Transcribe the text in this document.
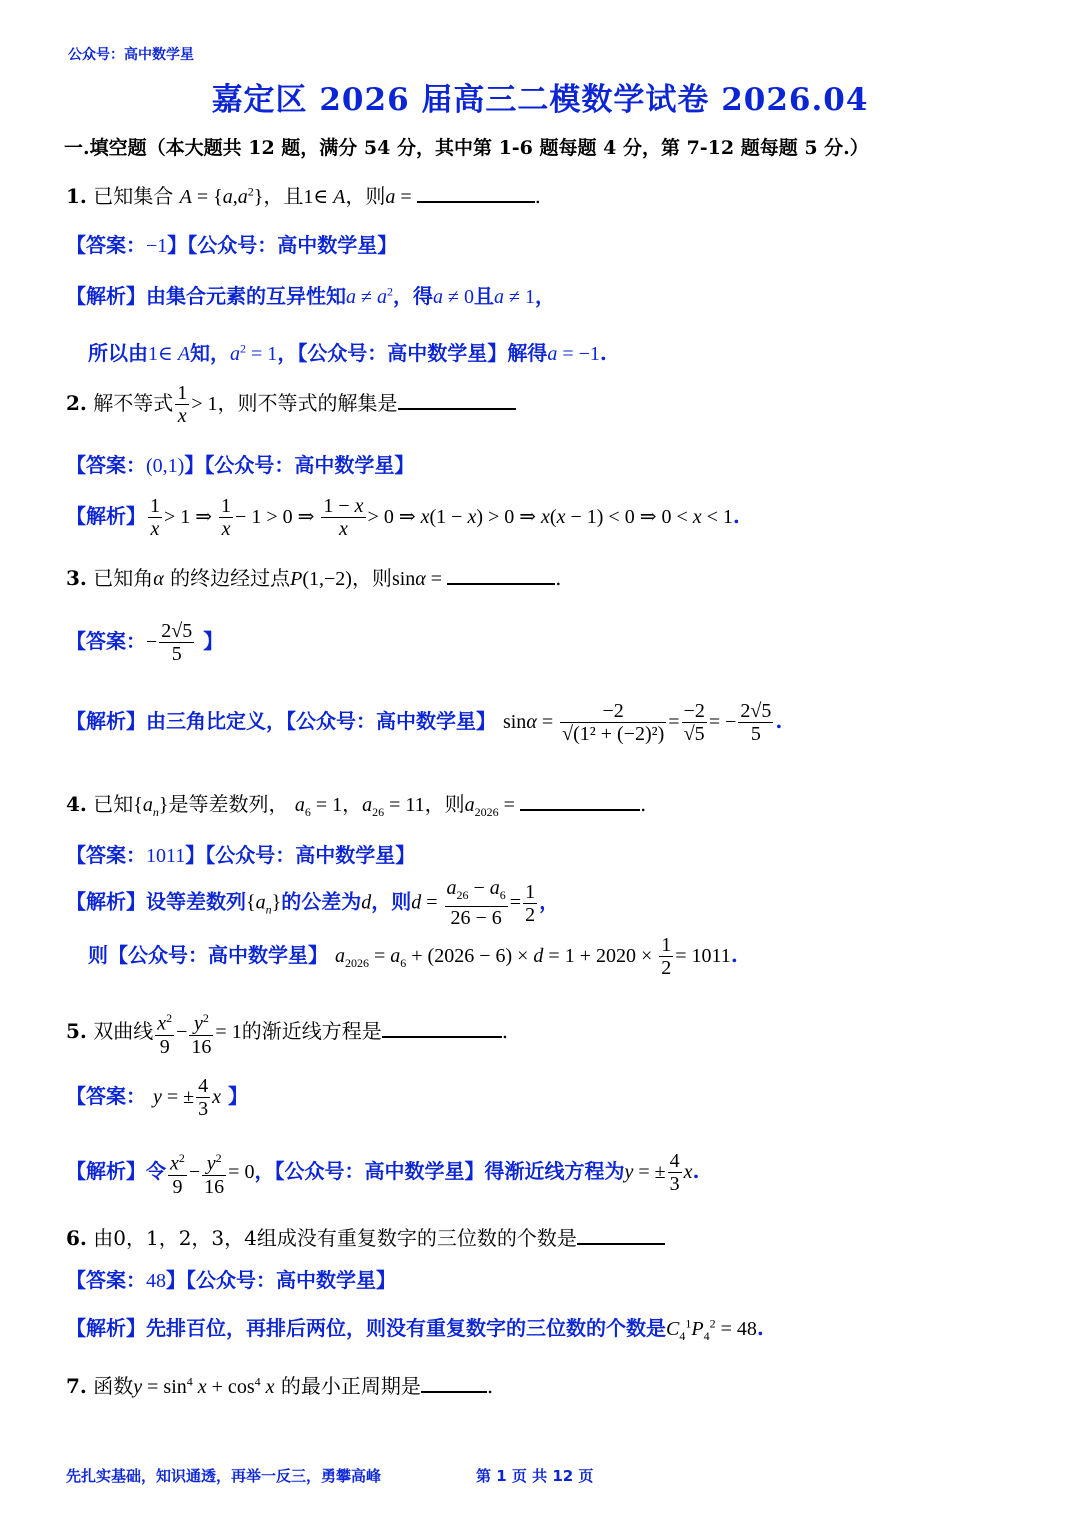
公众号：高中数学星
嘉定区 2026 届高三二模数学试卷 2026.04
一.填空题（本大题共 12 题，满分 54 分，其中第 1-6 题每题 4 分，第 7-12 题每题 5 分.）
1. 已知集合 $A = \{a,a^2\}$，且1∈ A，则a =	.
【答案：−1】【公众号：高中数学星】
【解析】由集合元素的互异性知$a \ne a^2$，得a ≠ 0且a ≠ 1，
所以由1∈ A知，$a^2 = 1$，【公众号：高中数学星】解得a = −1.
2. 解不等式 $\frac{1}{x} > 1$，则不等式的解集是
【答案：(0,1)】【公众号：高中数学星】
【解析】 $\frac{1}{x} > 1$ ⇒ $\frac{1}{x} - 1 > 0$ ⇒ $\frac{1 - x}{x} > 0$ ⇒ x(1 − x) > 0 ⇒ x(x − 1) < 0 ⇒ 0 < x < 1.
3. 已知角α 的终边经过点P(1,−2)，则sinα =	.
【答案：− $\frac{2√5}{5}$ 】
【解析】由三角比定义，【公众号：高中数学星】 $\sin\alpha = \frac{-2}{\text{√(1² + (−2)²)}} = \frac{-2}{√5}$ = − $\frac{2√5}{5}$ .
4. 已知$\{a_n\}$是等差数列， $a_6 = 1$，$a_{26} = 11$，则$a_{2026}$ =	.
【答案：1011】【公众号：高中数学星】
【解析】设等差数列$\{a_n\}$的公差为d，则$d = \frac{a_{26} - a_6}{26 - 6} = \frac{1}{2}$ ，
则【公众号：高中数学星】 $a_{2026} = a_6 + (2026 - 6) \times d = 1 + 2020 \times \frac{1}{2} = 1011$.
5. 双曲线 $\frac{x^2}{9} - \frac{y^2}{16} = 1$的渐近线方程是	.
【答案： y = ± $\frac{4}{3}$ x 】
【解析】令 $\frac{x^2}{9} - \frac{y^2}{16} = 0$，【公众号：高中数学星】得渐近线方程为y = ± $\frac{4}{3} x$.
6. 由0，1，2，3，4组成没有重复数字的三位数的个数是
【答案：48】【公众号：高中数学星】
【解析】先排百位，再排后两位，则没有重复数字的三位数的个数是$C_4^1P_4^2 = 48$.
7. 函数$y = \sin^4 x + \cos^4 x$ 的最小正周期是	.
先扎实基础，知识通透，再举一反三，勇攀高峰	第 1 页 共 12 页
